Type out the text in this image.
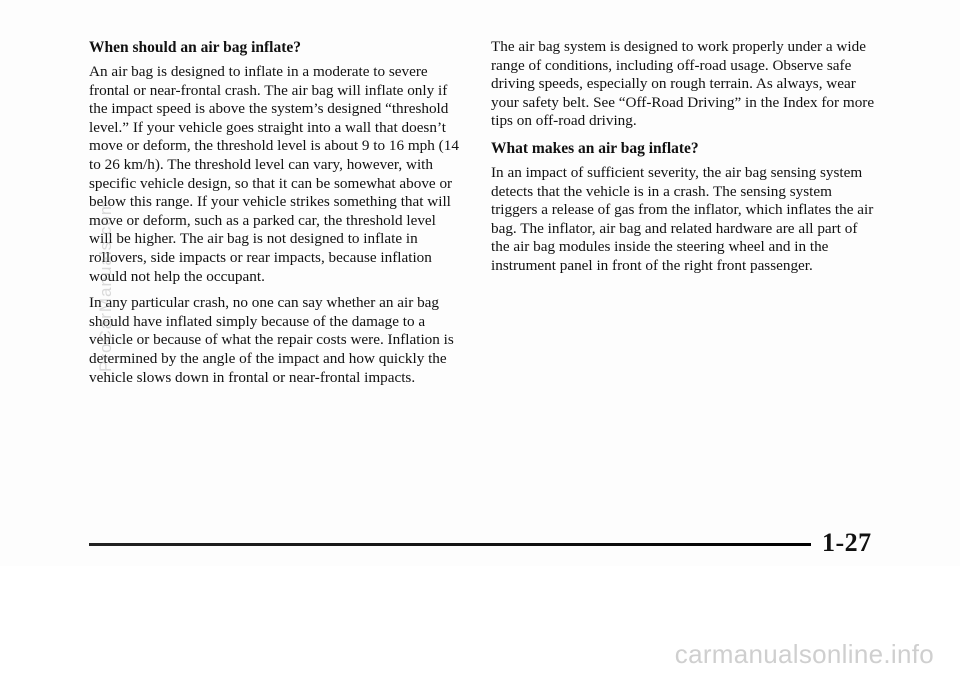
When should an air bag inflate?

An air bag is designed to inflate in a moderate to severe frontal or near-frontal crash. The air bag will inflate only if the impact speed is above the system’s designed “threshold level.” If your vehicle goes straight into a wall that doesn’t move or deform, the threshold level is about 9 to 16 mph (14 to 26 km/h). The threshold level can vary, however, with specific vehicle design, so that it can be somewhat above or below this range. If your vehicle strikes something that will move or deform, such as a parked car, the threshold level will be higher. The air bag is not designed to inflate in rollovers, side impacts or rear impacts, because inflation would not help the occupant.

In any particular crash, no one can say whether an air bag should have inflated simply because of the damage to a vehicle or because of what the repair costs were. Inflation is determined by the angle of the impact and how quickly the vehicle slows down in frontal or near-frontal impacts.

The air bag system is designed to work properly under a wide range of conditions, including off-road usage. Observe safe driving speeds, especially on rough terrain. As always, wear your safety belt. See “Off-Road Driving” in the Index for more tips on off-road driving.

What makes an air bag inflate?

In an impact of sufficient severity, the air bag sensing system detects that the vehicle is in a crash. The sensing system triggers a release of gas from the inflator, which inflates the air bag. The inflator, air bag and related hardware are all part of the air bag modules inside the steering wheel and in the instrument panel in front of the right front passenger.

ProCarManuals.com
1-27
carmanualsonline.info
